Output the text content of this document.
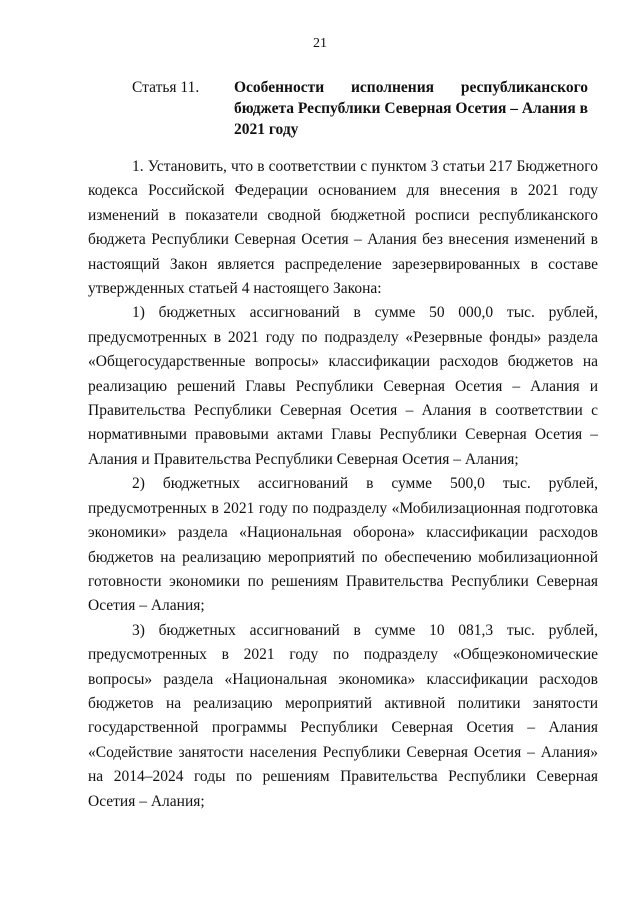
21
Статья 11.	Особенности исполнения республиканского бюджета Республики Северная Осетия – Алания в 2021 году

1. Установить, что в соответствии с пунктом 3 статьи 217 Бюджетного кодекса Российской Федерации основанием для внесения в 2021 году изменений в показатели сводной бюджетной росписи республиканского бюджета Республики Северная Осетия – Алания без внесения изменений в настоящий Закон является распределение зарезервированных в составе утвержденных статьей 4 настоящего Закона:

1) бюджетных ассигнований в сумме 50 000,0 тыс. рублей, предусмотренных в 2021 году по подразделу «Резервные фонды» раздела «Общегосударственные вопросы» классификации расходов бюджетов на реализацию решений Главы Республики Северная Осетия – Алания и Правительства Республики Северная Осетия – Алания в соответствии с нормативными правовыми актами Главы Республики Северная Осетия – Алания и Правительства Республики Северная Осетия – Алания;

2) бюджетных ассигнований в сумме 500,0 тыс. рублей, предусмотренных в 2021 году по подразделу «Мобилизационная подготовка экономики» раздела «Национальная оборона» классификации расходов бюджетов на реализацию мероприятий по обеспечению мобилизационной готовности экономики по решениям Правительства Республики Северная Осетия – Алания;

3) бюджетных ассигнований в сумме 10 081,3 тыс. рублей, предусмотренных в 2021 году по подразделу «Общеэкономические вопросы» раздела «Национальная экономика» классификации расходов бюджетов на реализацию мероприятий активной политики занятости государственной программы Республики Северная Осетия – Алания «Содействие занятости населения Республики Северная Осетия – Алания» на 2014–2024 годы по решениям Правительства Республики Северная Осетия – Алания;
